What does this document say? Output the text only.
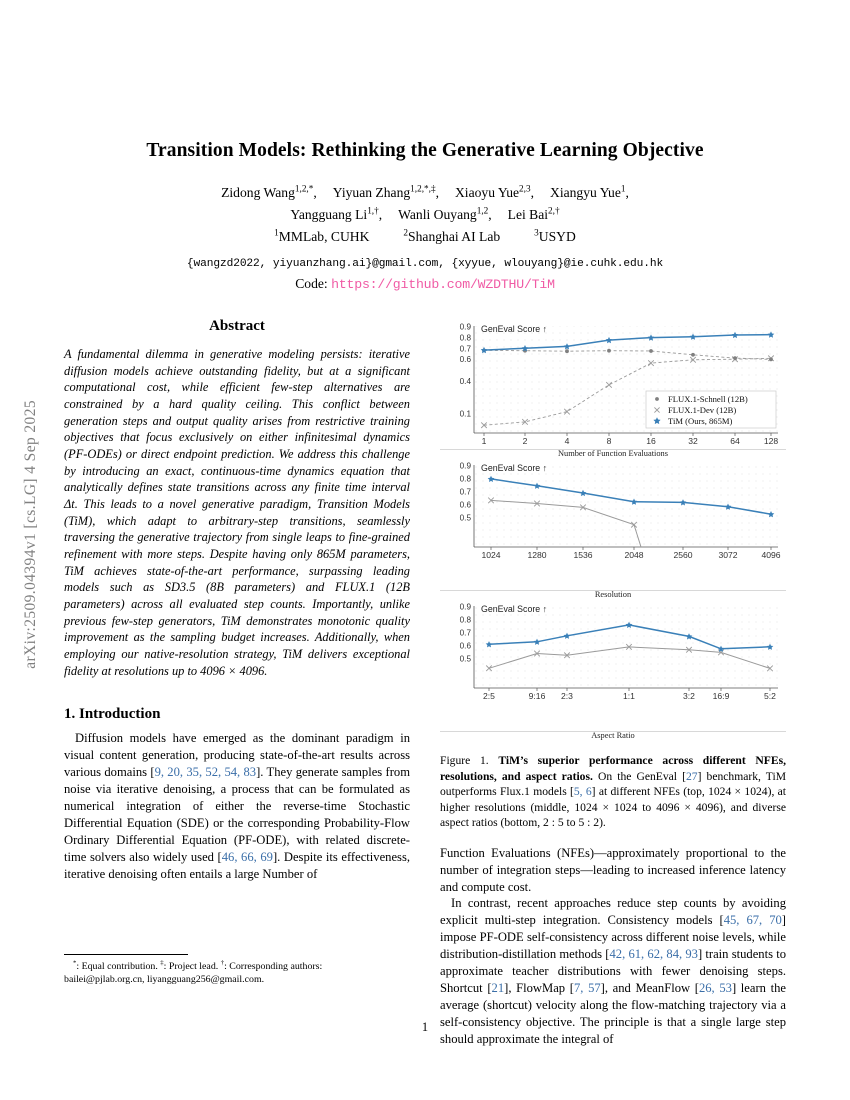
arXiv:2509.04394v1 [cs.LG] 4 Sep 2025
Transition Models: Rethinking the Generative Learning Objective
Zidong Wang$^{1,2,*}$, Yiyuan Zhang$^{1,2,*,\ddagger}$, Xiaoyu Yue$^{2,3}$, Xiangyu Yue$^1$,
Yangguang $Li^{1,\dagger}$, Wanli Ouyang$^{1,2}$, Lei Bai$^{2,\dagger}$
$^1$MMLab, CUHK	$^2$Shanghai AI Lab	$^3$USYD
{wangzd2022, yiyuanzhang.ai}@gmail.com, {xyyue, wlouyang}@ie.cuhk.edu.hk
Code: https://github.com/WZDTHU/TiM
Abstract

A fundamental dilemma in generative modeling persists: iterative diffusion models achieve outstanding fidelity, but at a significant computational cost, while efficient few-step alternatives are constrained by a hard quality ceiling. This conflict between generation steps and output quality arises from restrictive training objectives that focus exclusively on either infinitesimal dynamics (PF-ODEs) or direct endpoint prediction. We address this challenge by introducing an exact, continuous-time dynamics equation that analytically defines state transitions across any finite time interval Δt. This leads to a novel generative paradigm, Transition Models (TiM), which adapt to arbitrary-step transitions, seamlessly traversing the generative trajectory from single leaps to fine-grained refinement with more steps. Despite having only 865M parameters, TiM achieves state-of-the-art performance, surpassing leading models such as SD3.5 (8B parameters) and FLUX.1 (12B parameters) across all evaluated step counts. Importantly, unlike previous few-step generators, TiM demonstrates monotonic quality improvement as the sampling budget increases. Additionally, when employing our native-resolution strategy, TiM delivers exceptional fidelity at resolutions up to 4096 × 4096.

1. Introduction

Diffusion models have emerged as the dominant paradigm in visual content generation, producing state-of-the-art results across various domains [9, 20, 35, 52, 54, 83]. They generate samples from noise via iterative denoising, a process that can be formulated as numerical integration of either the reverse-time Stochastic Differential Equation (SDE) or the corresponding Probability-Flow Ordinary Differential Equation (PF-ODE), with related discrete-time solvers also widely used [46, 66, 69]. Despite its effectiveness, iterative denoising often entails a large Number of

*: Equal contribution. ‡: Project lead. †: Corresponding authors:
bailei@pjlab.org.cn, liyangguang256@gmail.com.

0.9
0.8
0.7
0.6
0.4
0.1
1	2	4	8	16	32	64	128
GenEval Score ↑
FLUX.1-Schnell (12B)
FLUX.1-Dev (12B)
TiM (Ours, 865M)
Number of Function Evaluations
0.9
0.8
0.7
0.6
0.5
1024	1280	1536	2048	2560	3072	4096
GenEval Score ↑
Resolution
0.9
0.8
0.7
0.6
0.5
2:5	9:16 2:3	1:1	3:2 16:9	5:2
GenEval Score ↑
Aspect Ratio

Figure 1. TiM’s superior performance across different NFEs, resolutions, and aspect ratios. On the GenEval [27] benchmark, TiM outperforms Flux.1 models [5, 6] at different NFEs (top, 1024 × 1024), at higher resolutions (middle, 1024 × 1024 to 4096 × 4096), and diverse aspect ratios (bottom, 2 : 5 to 5 : 2).

Function Evaluations (NFEs)—approximately proportional to the number of integration steps—leading to increased inference latency and compute cost.

In contrast, recent approaches reduce step counts by avoiding explicit multi-step integration. Consistency models [45, 67, 70] impose PF-ODE self-consistency across different noise levels, while distribution-distillation methods [42, 61, 62, 84, 93] train students to approximate teacher distributions with fewer denoising steps. Shortcut [21], FlowMap [7, 57], and MeanFlow [26, 53] learn the average (shortcut) velocity along the flow-matching trajectory via a self-consistency objective. The principle is that a single large step should approximate the integral of

1
